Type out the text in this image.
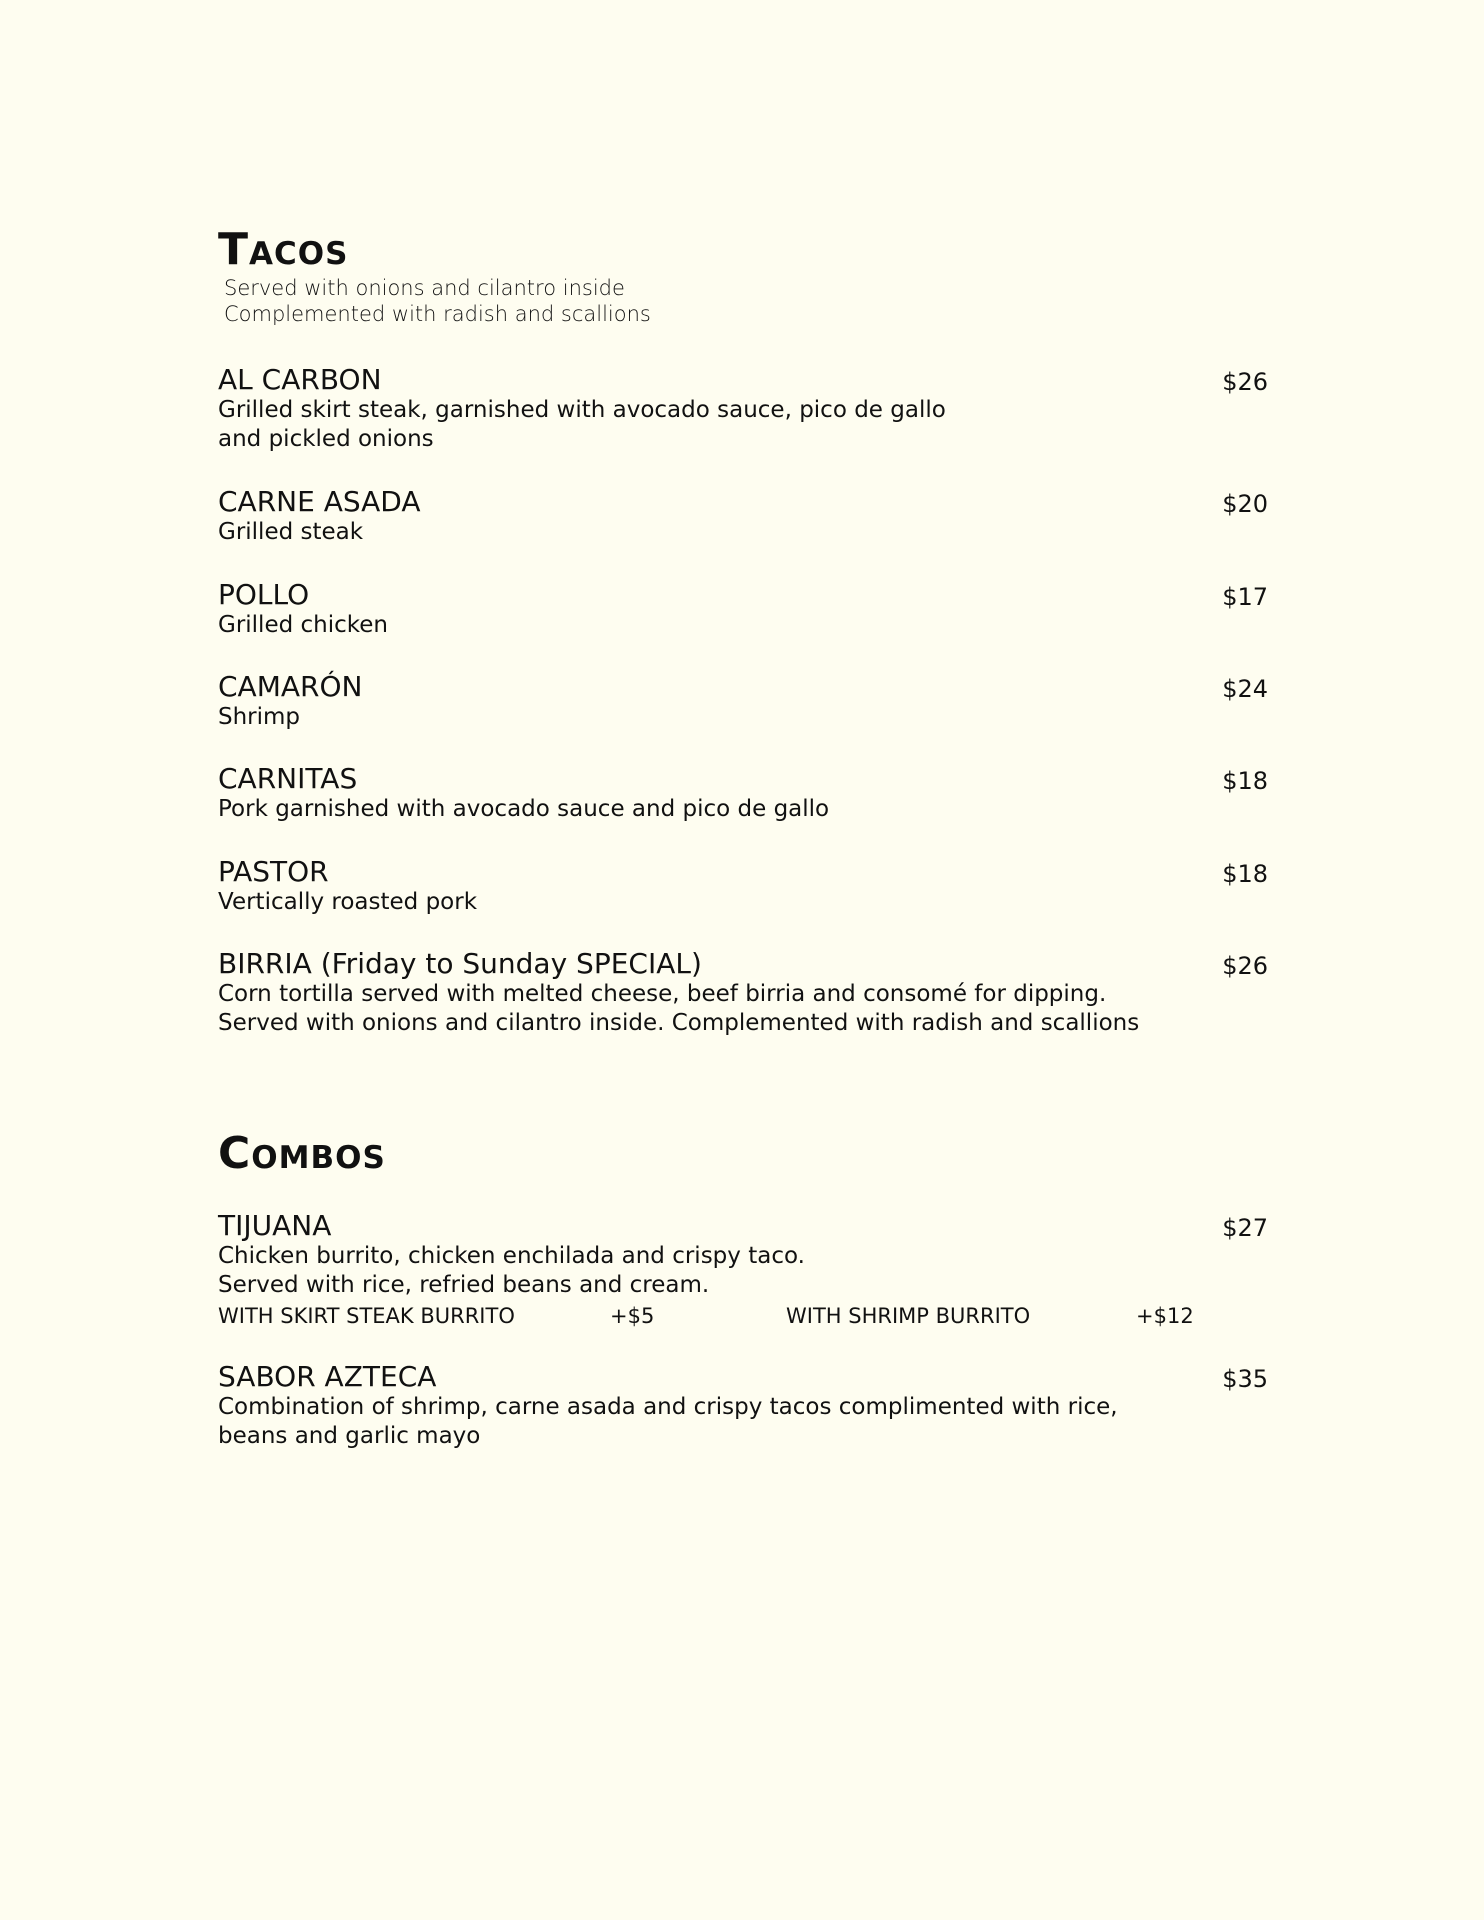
Tacos
Served with onions and cilantro inside
Complemented with radish and scallions
AL CARBON	$26
Grilled skirt steak, garnished with avocado sauce, pico de gallo
and pickled onions
CARNE ASADA	$20
Grilled steak
POLLO	$17
Grilled chicken
CAMARÓN	$24
Shrimp
CARNITAS	$18
Pork garnished with avocado sauce and pico de gallo
PASTOR	$18
Vertically roasted pork
BIRRIA (Friday to Sunday SPECIAL)	$26
Corn tortilla served with melted cheese, beef birria and consomé for dipping.
Served with onions and cilantro inside. Complemented with radish and scallions
Combos
TIJUANA	$27
Chicken burrito, chicken enchilada and crispy taco.
Served with rice, refried beans and cream.
WITH SKIRT STEAK BURRITO	+$5	WITH SHRIMP BURRITO	+$12
SABOR AZTECA	$35
Combination of shrimp, carne asada and crispy tacos complimented with rice,
beans and garlic mayo
